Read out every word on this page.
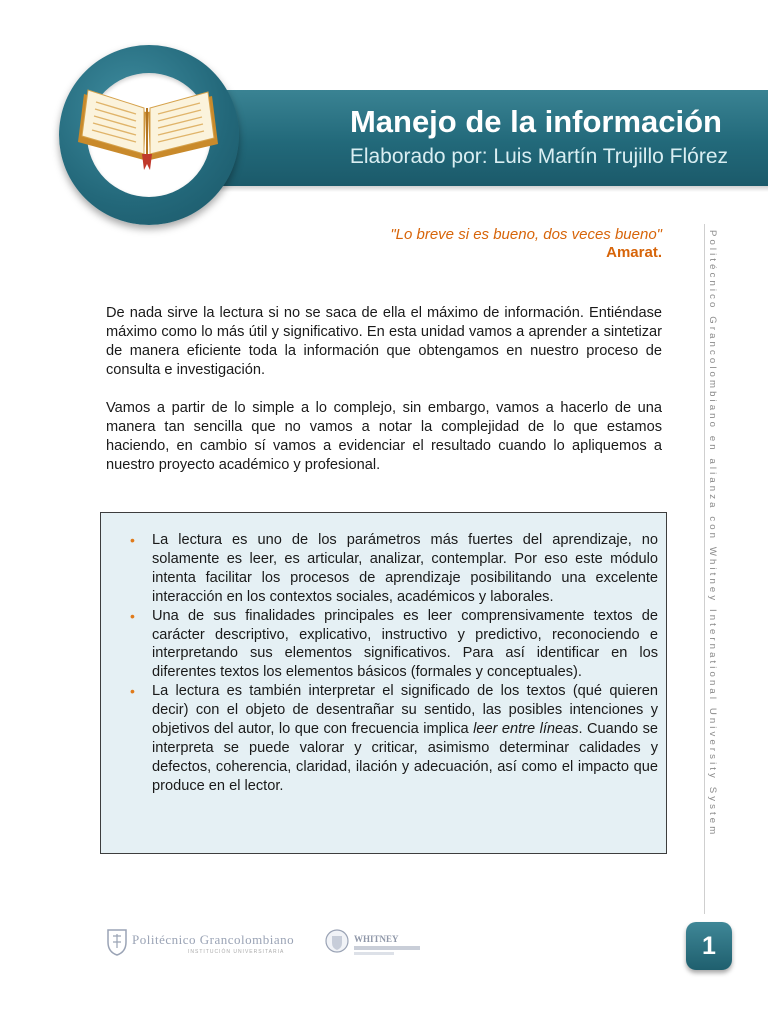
Manejo de la información
Elaborado por: Luis Martín Trujillo Flórez
"Lo breve si es bueno, dos veces bueno"
Amarat.

De nada sirve la lectura si no se saca de ella el máximo de información. Entiéndase máximo como lo más útil y significativo. En esta unidad vamos a aprender a sintetizar de manera eficiente toda la información que obtengamos en nuestro proceso de consulta e investigación.

Vamos a partir de lo simple a lo complejo, sin embargo, vamos a hacerlo de una manera tan sencilla que no vamos a notar la complejidad de lo que estamos haciendo, en cambio sí vamos a evidenciar el resultado cuando lo apliquemos a nuestro proyecto académico y profesional.

• La lectura es uno de los parámetros más fuertes del aprendizaje, no solamente es leer, es articular, analizar, contemplar. Por eso este módulo intenta facilitar los procesos de aprendizaje posibilitando una excelente interacción en los contextos sociales, académicos y laborales.
• Una de sus finalidades principales es leer comprensivamente textos de carácter descriptivo, explicativo, instructivo y predictivo, reconociendo e interpretando sus elementos significativos. Para así identificar en los diferentes textos los elementos básicos (formales y conceptuales).
• La lectura es también interpretar el significado de los textos (qué quieren decir) con el objeto de desentrañar su sentido, las posibles intenciones y objetivos del autor, lo que con frecuencia implica leer entre líneas. Cuando se interpreta se puede valorar y criticar, asimismo determinar calidades y defectos, coherencia, claridad, ilación y adecuación, así como el impacto que produce en el lector.	Politécnico Grancolombiano en alianza con Whitney International University System
Politécnico Grancolombiano
INSTITUCIÓN UNIVERSITARIA
WHITNEY	1
